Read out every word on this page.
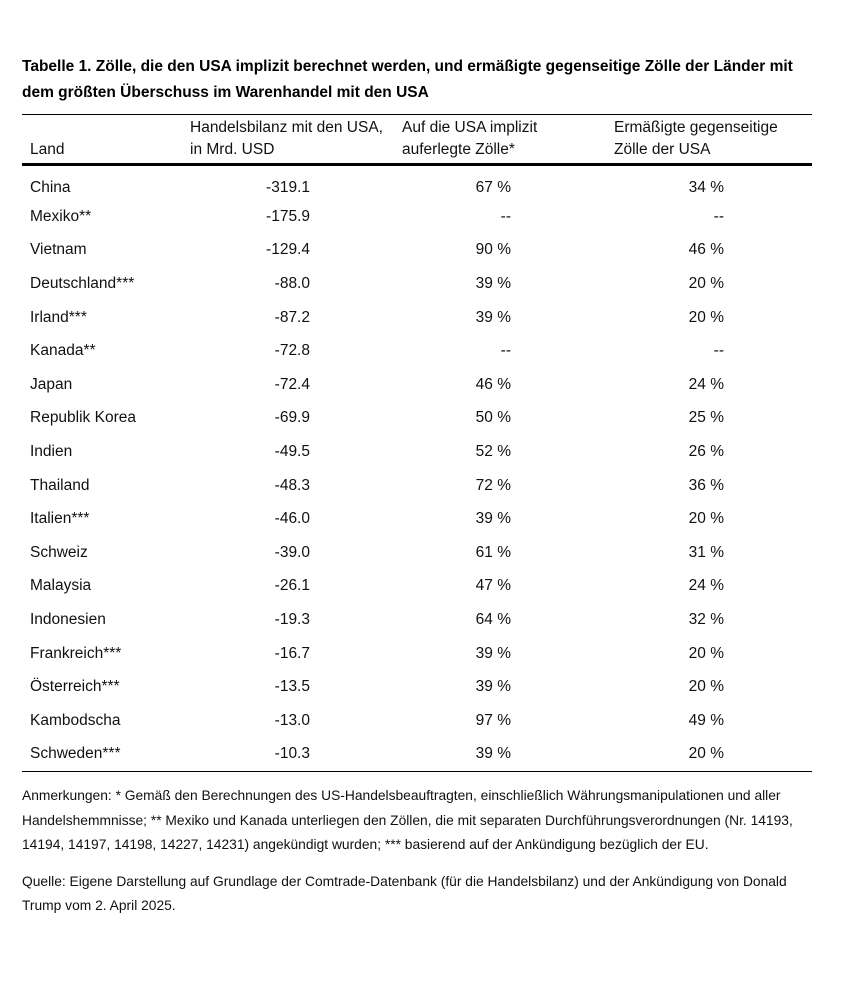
Tabelle 1. Zölle, die den USA implizit berechnet werden, und ermäßigte gegenseitige Zölle der Länder mit dem größten Überschuss im Warenhandel mit den USA
Land	Handelsbilanz mit den USA, in Mrd. USD	Auf die USA implizit auferlegte Zölle*	Ermäßigte gegenseitige Zölle der USA
China	-319.1	67 %	34 %
Mexiko**	-175.9	--	--
Vietnam	-129.4	90 %	46 %
Deutschland***	-88.0	39 %	20 %
Irland***	-87.2	39 %	20 %
Kanada**	-72.8	--	--
Japan	-72.4	46 %	24 %
Republik Korea	-69.9	50 %	25 %
Indien	-49.5	52 %	26 %
Thailand	-48.3	72 %	36 %
Italien***	-46.0	39 %	20 %
Schweiz	-39.0	61 %	31 %
Malaysia	-26.1	47 %	24 %
Indonesien	-19.3	64 %	32 %
Frankreich***	-16.7	39 %	20 %
Österreich***	-13.5	39 %	20 %
Kambodscha	-13.0	97 %	49 %
Schweden***	-10.3	39 %	20 %
Anmerkungen: * Gemäß den Berechnungen des US-Handelsbeauftragten, einschließlich Währungsmanipulationen und aller Handelshemmnisse; ** Mexiko und Kanada unterliegen den Zöllen, die mit separaten Durchführungsverordnungen (Nr. 14193, 14194, 14197, 14198, 14227, 14231) angekündigt wurden; *** basierend auf der Ankündigung bezüglich der EU.
Quelle: Eigene Darstellung auf Grundlage der Comtrade-Datenbank (für die Handelsbilanz) und der Ankündigung von Donald Trump vom 2. April 2025.
